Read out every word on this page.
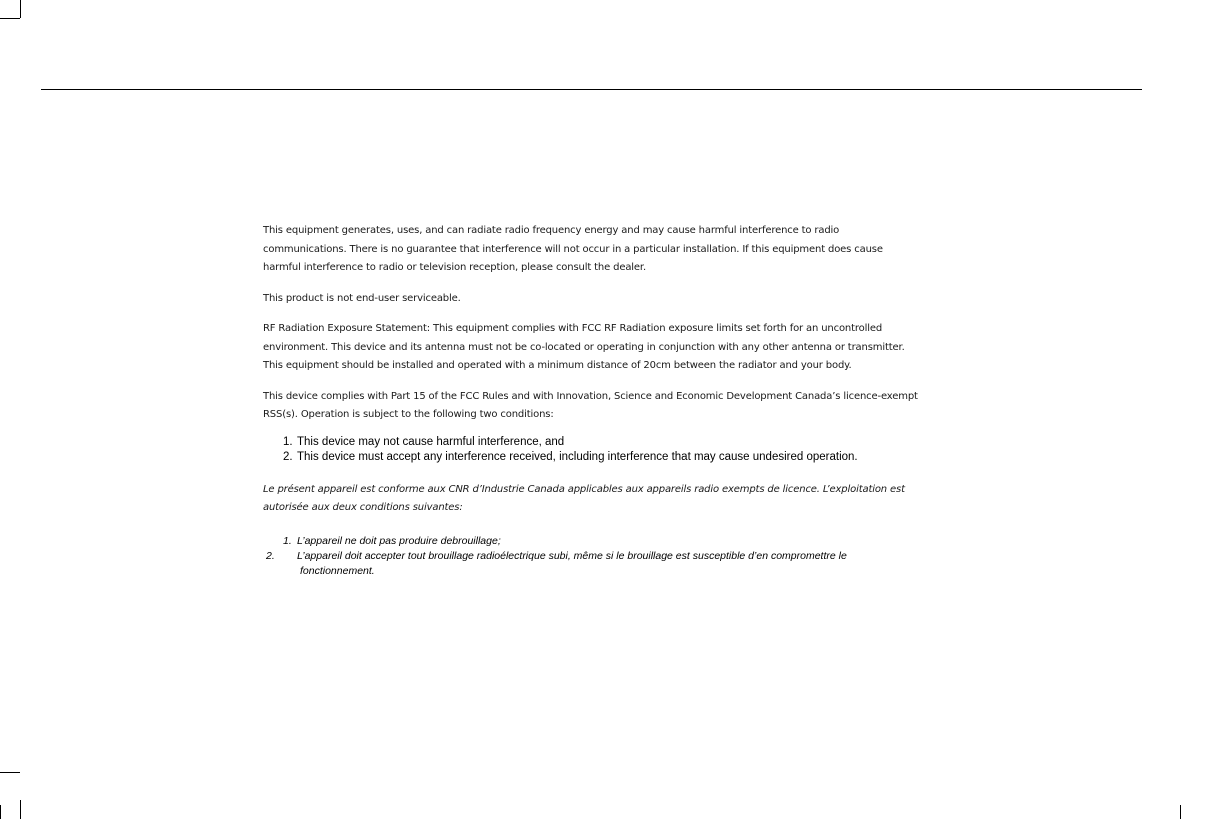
This equipment generates, uses, and can radiate radio frequency energy and may cause harmful interference to radio communications. There is no guarantee that interference will not occur in a particular installation. If this equipment does cause harmful interference to radio or television reception, please consult the dealer.

This product is not end-user serviceable.

RF Radiation Exposure Statement: This equipment complies with FCC RF Radiation exposure limits set forth for an uncontrolled environment. This device and its antenna must not be co-located or operating in conjunction with any other antenna or transmitter. This equipment should be installed and operated with a minimum distance of 20cm between the radiator and your body.

This device complies with Part 15 of the FCC Rules and with Innovation, Science and Economic Development Canada’s licence-exempt RSS(s). Operation is subject to the following two conditions:

1. This device may not cause harmful interference, and
2. This device must accept any interference received, including interference that may cause undesired operation.

Le présent appareil est conforme aux CNR d’Industrie Canada applicables aux appareils radio exempts de licence. L’exploitation est autorisée aux deux conditions suivantes:

1. L’appareil ne doit pas produire debrouillage;
2. L’appareil doit accepter tout brouillage radioélectrique subi, même si le brouillage est susceptible d’en compromettre le fonctionnement.
